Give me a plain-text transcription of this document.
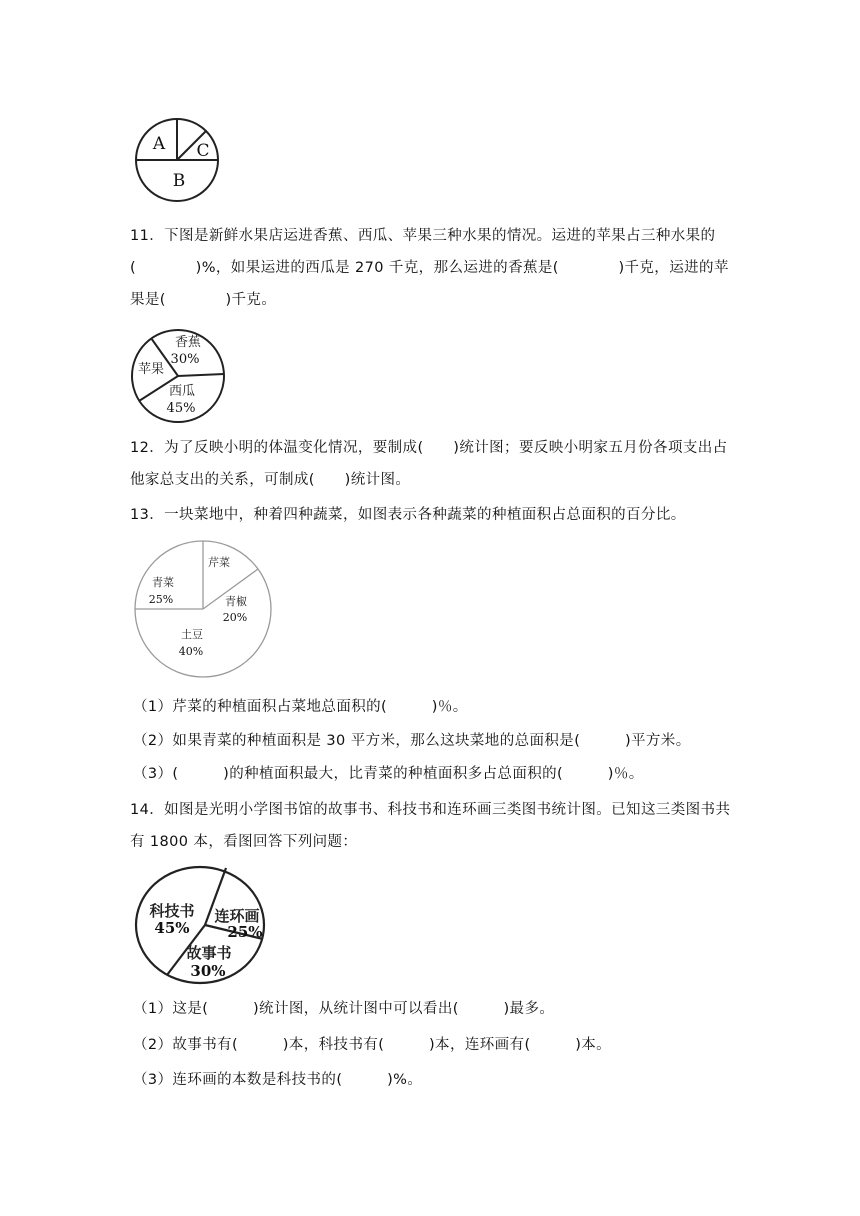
A C
B
11．下图是新鲜水果店运进香蕉、西瓜、苹果三种水果的情况。运进的苹果占三种水果的
(　　　　)%，如果运进的西瓜是 270 千克，那么运进的香蕉是(　　　　)千克，运进的苹
果是(　　　　)千克。
香蕉
30%
苹果
西瓜
45%
12．为了反映小明的体温变化情况，要制成(　　)统计图；要反映小明家五月份各项支出占
他家总支出的关系，可制成(　　)统计图。
13．一块菜地中，种着四种蔬菜，如图表示各种蔬菜的种植面积占总面积的百分比。
芹菜
青菜
25%	青椒
20%
土豆
40%
（1）芹菜的种植面积占菜地总面积的(　　　)％。
（2）如果青菜的种植面积是 30 平方米，那么这块菜地的总面积是(　　　)平方米。
（3）(　　　)的种植面积最大，比青菜的种植面积多占总面积的(　　　)％。
14．如图是光明小学图书馆的故事书、科技书和连环画三类图书统计图。已知这三类图书共
有 1800 本，看图回答下列问题：
科技书
45%
连环画
25%
故事书
30%
（1）这是(　　　)统计图，从统计图中可以看出(　　　)最多。
（2）故事书有(　　　)本，科技书有(　　　)本，连环画有(　　　)本。
（3）连环画的本数是科技书的(　　　)%。
